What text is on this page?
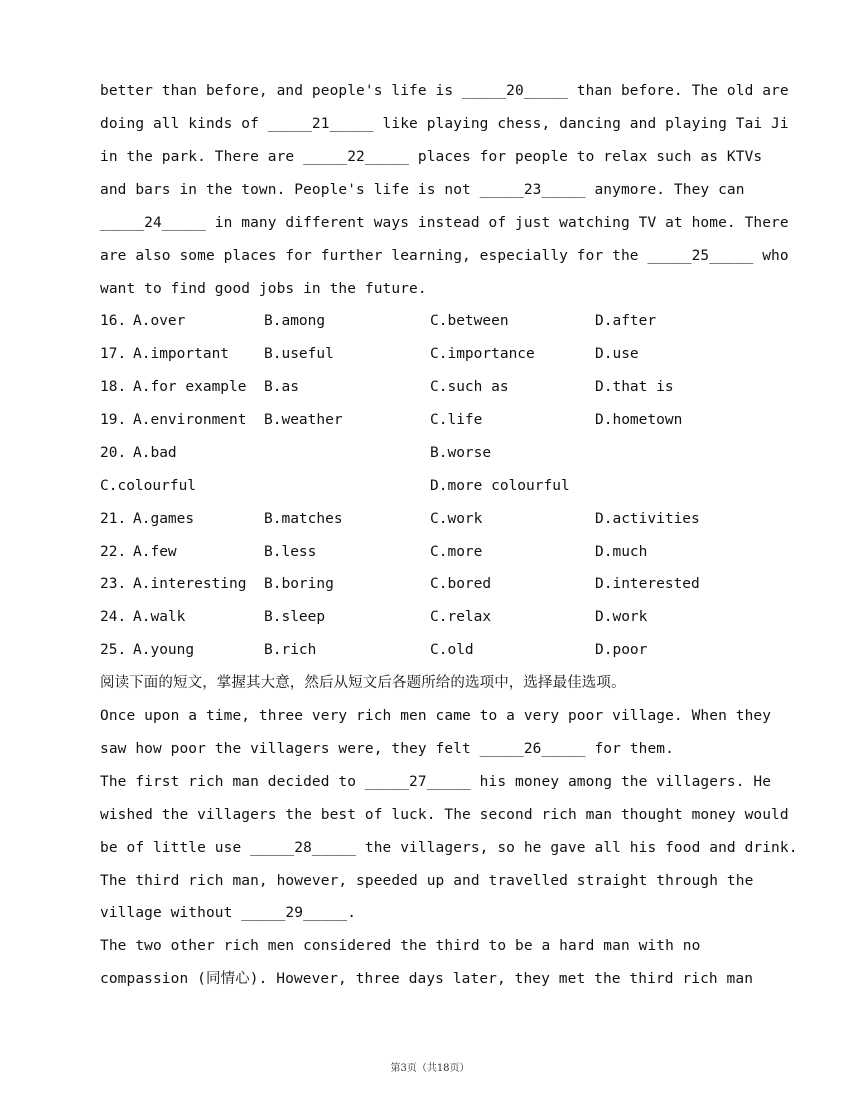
better than before, and people's life is _____20_____ than before. The old are
doing all kinds of _____21_____ like playing chess, dancing and playing Tai Ji
in the park. There are _____22_____ places for people to relax such as KTVs
and bars in the town. People's life is not _____23_____ anymore. They can
_____24_____ in many different ways instead of just watching TV at home. There
are also some places for further learning, especially for the _____25_____ who
want to find good jobs in the future.
16. A.over	B.among	C.between	D.after
17. A.important B.useful	C.importance	D.use
18. A.for example B.as	C.such as	D.that is
19. A.environment B.weather	C.life	D.hometown
20. A.bad	B.worse
C.colourful	D.more colourful
21. A.games	B.matches	C.work	D.activities
22. A.few	B.less	C.more	D.much
23. A.interesting B.boring	C.bored	D.interested
24. A.walk	B.sleep	C.relax	D.work
25. A.young	B.rich	C.old	D.poor
阅读下面的短文，掌握其大意，然后从短文后各题所给的选项中，选择最佳选项。
Once upon a time, three very rich men came to a very poor village. When they
saw how poor the villagers were, they felt _____26_____ for them.
The first rich man decided to _____27_____ his money among the villagers. He
wished the villagers the best of luck. The second rich man thought money would
be of little use _____28_____ the villagers, so he gave all his food and drink.
The third rich man, however, speeded up and travelled straight through the
village without _____29_____.
The two other rich men considered the third to be a hard man with no
compassion (同情心). However, three days later, they met the third rich man
第3页（共18页）
